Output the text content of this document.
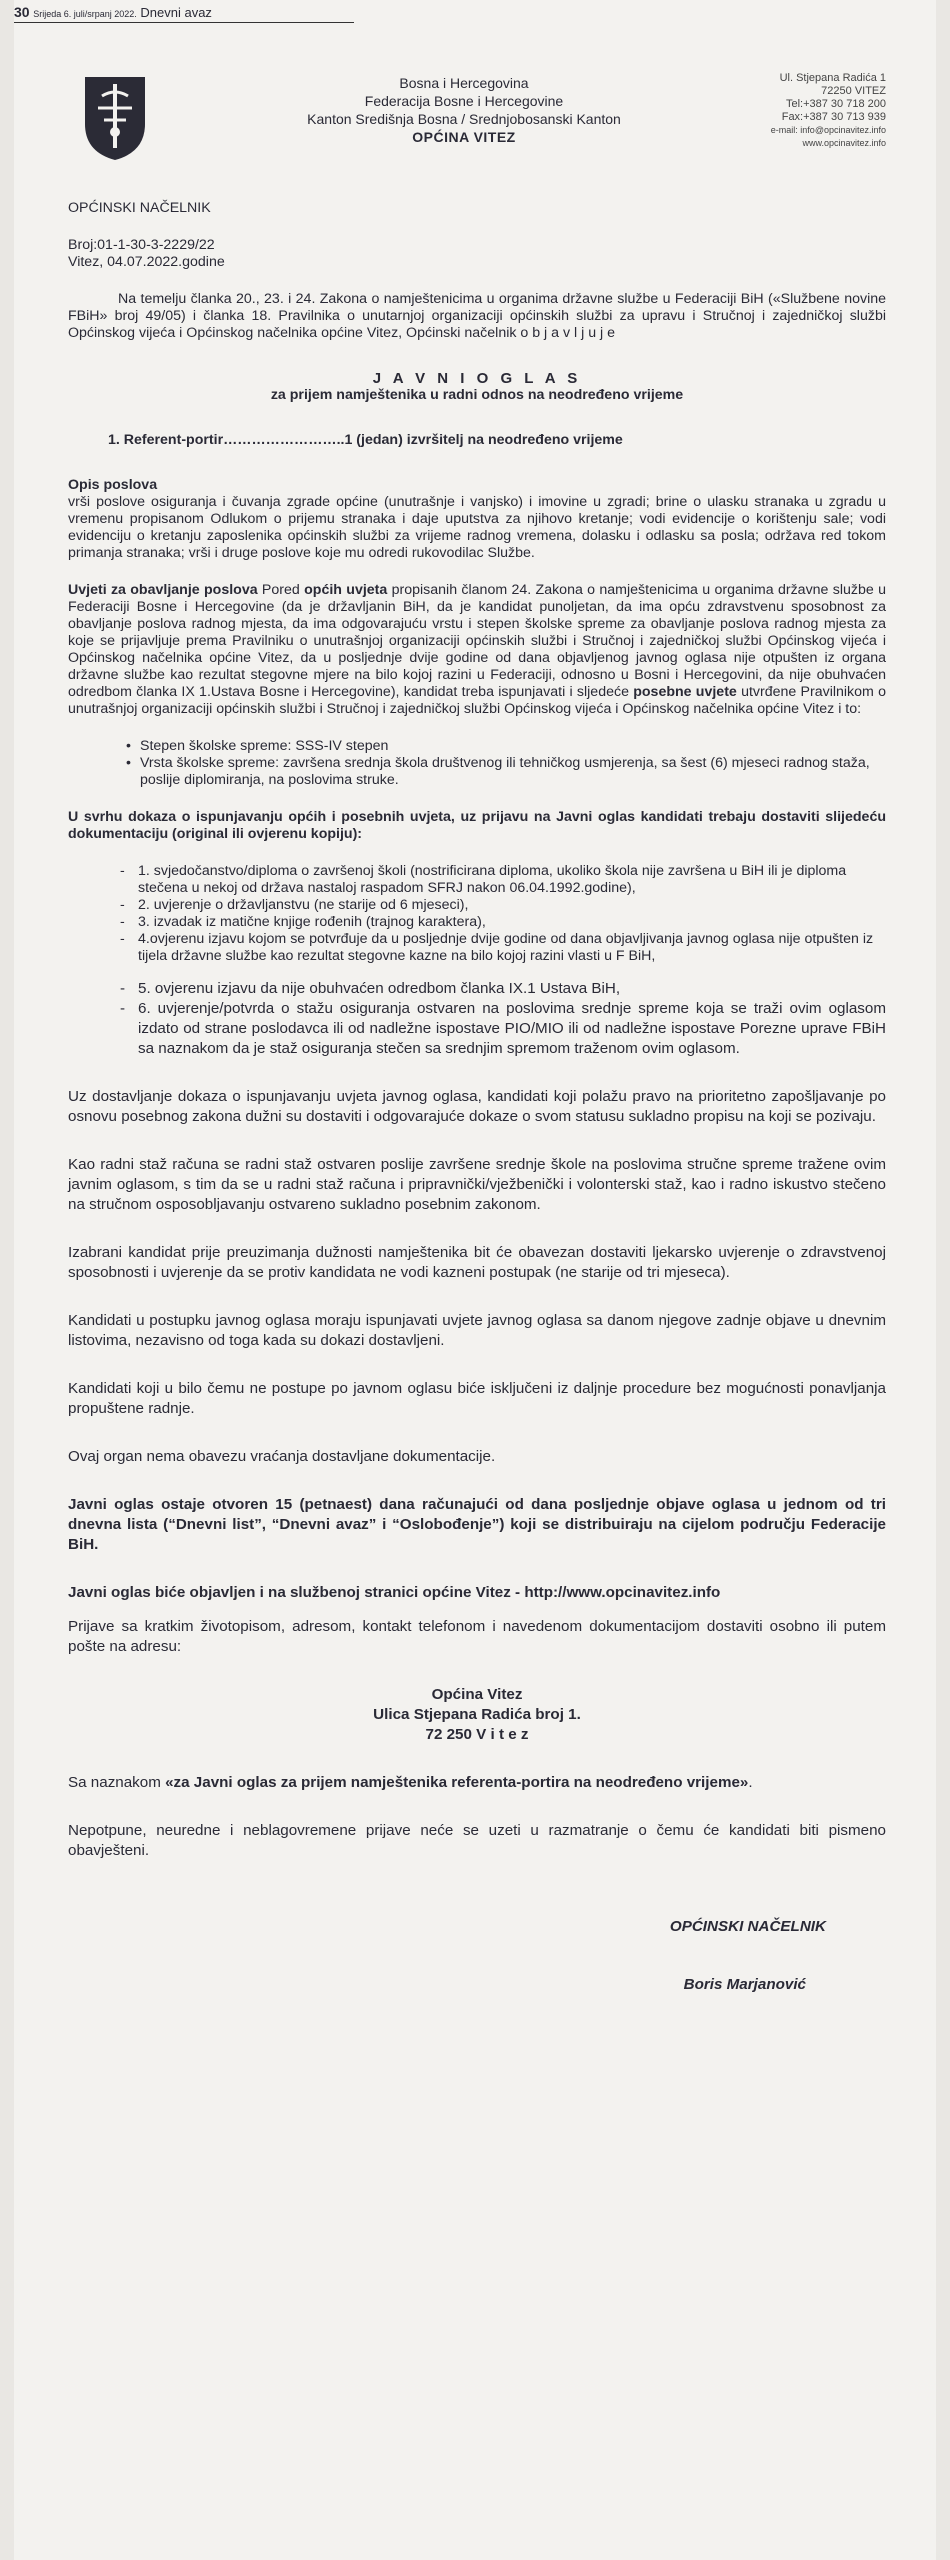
30 Srijeda 6. juli/srpanj 2022. Dnevni avaz
Bosna i Hercegovina
Federacija Bosne i Hercegovine
Kanton Središnja Bosna / Srednjobosanski Kanton
OPĆINA VITEZ
Ul. Stjepana Radića 1
72250 VITEZ
Tel:+387 30 718 200
Fax:+387 30 713 939
e-mail: info@opcinavitez.info
www.opcinavitez.info

OPĆINSKI NAČELNIK

Broj:01-1-30-3-2229/22

Vitez, 04.07.2022.godine

Na temelju članka 20., 23. i 24. Zakona o namještenicima u organima državne službe u Federaciji BiH («Službene novine FBiH» broj 49/05) i članka 18. Pravilnika o unutarnjoj organizaciji općinskih službi za upravu i Stručnoj i zajedničkoj službi Općinskog vijeća i Općinskog načelnika općine Vitez, Općinski načelnik o b j a v l j u j e

J A V N I O G L A S

za prijem namještenika u radni odnos na neodređeno vrijeme

1. Referent-portir……………………..1 (jedan) izvršitelj na neodređeno vrijeme

Opis poslova

vrši poslove osiguranja i čuvanja zgrade općine (unutrašnje i vanjsko) i imovine u zgradi; brine o ulasku stranaka u zgradu u vremenu propisanom Odlukom o prijemu stranaka i daje uputstva za njihovo kretanje; vodi evidencije o korištenju sale; vodi evidenciju o kretanju zaposlenika općinskih službi za vrijeme radnog vremena, dolasku i odlasku sa posla; održava red tokom primanja stranaka; vrši i druge poslove koje mu odredi rukovodilac Službe.

Uvjeti za obavljanje poslova Pored općih uvjeta propisanih članom 24. Zakona o namještenicima u organima državne službe u Federaciji Bosne i Hercegovine (da je državljanin BiH, da je kandidat punoljetan, da ima opću zdravstvenu sposobnost za obavljanje poslova radnog mjesta, da ima odgovarajuću vrstu i stepen školske spreme za obavljanje poslova radnog mjesta za koje se prijavljuje prema Pravilniku o unutrašnjoj organizaciji općinskih službi i Stručnoj i zajedničkoj službi Općinskog vijeća i Općinskog načelnika općine Vitez, da u posljednje dvije godine od dana objavljenog javnog oglasa nije otpušten iz organa državne službe kao rezultat stegovne mjere na bilo kojoj razini u Federaciji, odnosno u Bosni i Hercegovini, da nije obuhvaćen odredbom članka IX 1.Ustava Bosne i Hercegovine), kandidat treba ispunjavati i sljedeće posebne uvjete utvrđene Pravilnikom o unutrašnjoj organizaciji općinskih službi i Stručnoj i zajedničkoj službi Općinskog vijeća i Općinskog načelnika općine Vitez i to:

• Stepen školske spreme: SSS-IV stepen
• Vrsta školske spreme: završena srednja škola društvenog ili tehničkog usmjerenja, sa šest (6) mjeseci radnog staža, poslije diplomiranja, na poslovima struke.

U svrhu dokaza o ispunjavanju općih i posebnih uvjeta, uz prijavu na Javni oglas kandidati trebaju dostaviti slijedeću dokumentaciju (original ili ovjerenu kopiju):

- 1. svjedočanstvo/diploma o završenoj školi (nostrificirana diploma, ukoliko škola nije završena u BiH ili je diploma stečena u nekoj od država nastaloj raspadom SFRJ nakon 06.04.1992.godine),
- 2. uvjerenje o državljanstvu (ne starije od 6 mjeseci),
- 3. izvadak iz matične knjige rođenih (trajnog karaktera),
- 4.ovjerenu izjavu kojom se potvrđuje da u posljednje dvije godine od dana objavljivanja javnog oglasa nije otpušten iz tijela državne službe kao rezultat stegovne kazne na bilo kojoj razini vlasti u F BiH,
- 5. ovjerenu izjavu da nije obuhvaćen odredbom članka IX.1 Ustava BiH,
- 6. uvjerenje/potvrda o stažu osiguranja ostvaren na poslovima srednje spreme koja se traži ovim oglasom izdato od strane poslodavca ili od nadležne ispostave PIO/MIO ili od nadležne ispostave Porezne uprave FBiH sa naznakom da je staž osiguranja stečen sa srednjim spremom traženom ovim oglasom.

Uz dostavljanje dokaza o ispunjavanju uvjeta javnog oglasa, kandidati koji polažu pravo na prioritetno zapošljavanje po osnovu posebnog zakona dužni su dostaviti i odgovarajuće dokaze o svom statusu sukladno propisu na koji se pozivaju.

Kao radni staž računa se radni staž ostvaren poslije završene srednje škole na poslovima stručne spreme tražene ovim javnim oglasom, s tim da se u radni staž računa i pripravnički/vježbenički i volonterski staž, kao i radno iskustvo stečeno na stručnom osposobljavanju ostvareno sukladno posebnim zakonom.

Izabrani kandidat prije preuzimanja dužnosti namještenika bit će obavezan dostaviti ljekarsko uvjerenje o zdravstvenoj sposobnosti i uvjerenje da se protiv kandidata ne vodi kazneni postupak (ne starije od tri mjeseca).

Kandidati u postupku javnog oglasa moraju ispunjavati uvjete javnog oglasa sa danom njegove zadnje objave u dnevnim listovima, nezavisno od toga kada su dokazi dostavljeni.

Kandidati koji u bilo čemu ne postupe po javnom oglasu biće isključeni iz daljnje procedure bez mogućnosti ponavljanja propuštene radnje.

Ovaj organ nema obavezu vraćanja dostavljane dokumentacije.

Javni oglas ostaje otvoren 15 (petnaest) dana računajući od dana posljednje objave oglasa u jednom od tri dnevna lista (“Dnevni list”, “Dnevni avaz” i “Oslobođenje”) koji se distribuiraju na cijelom području Federacije BiH.

Javni oglas biće objavljen i na službenoj stranici općine Vitez - http://www.opcinavitez.info

Prijave sa kratkim životopisom, adresom, kontakt telefonom i navedenom dokumentacijom dostaviti osobno ili putem pošte na adresu:

Općina Vitez

Ulica Stjepana Radića broj 1.

72 250 V i t e z

Sa naznakom «za Javni oglas za prijem namještenika referenta-portira na neodređeno vrijeme».

Nepotpune, neuredne i neblagovremene prijave neće se uzeti u razmatranje o čemu će kandidati biti pismeno obavješteni.

OPĆINSKI NAČELNIK

Boris Marjanović
